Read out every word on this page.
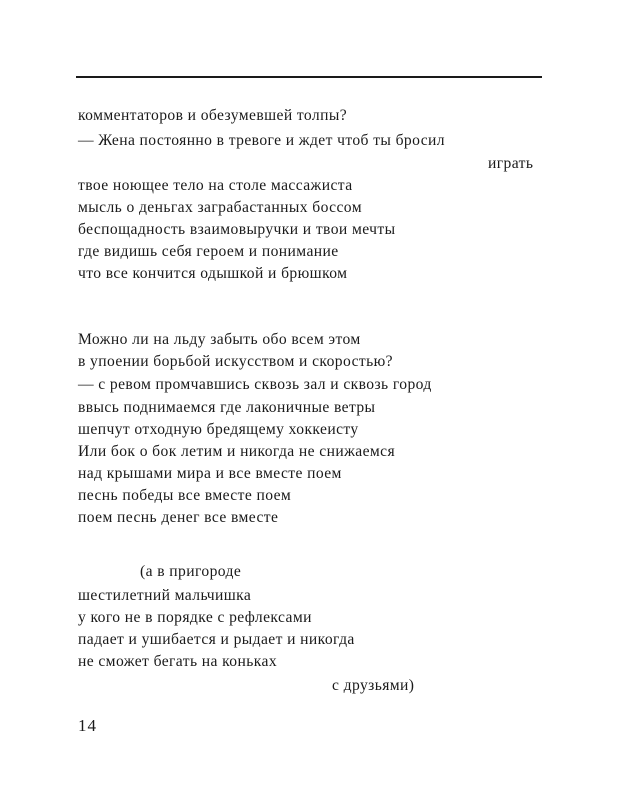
комментаторов и обезумевшей толпы?
— Жена постоянно в тревоге и ждет чтоб ты бросил
играть
твое ноющее тело на столе массажиста
мысль о деньгах заграбастанных боссом
беспощадность взаимовыручки и твои мечты
где видишь себя героем и понимание
что все кончится одышкой и брюшком
Можно ли на льду забыть обо всем этом
в упоении борьбой искусством и скоростью?
— с ревом промчавшись сквозь зал и сквозь город
ввысь поднимаемся где лаконичные ветры
шепчут отходную бредящему хоккеисту
Или бок о бок летим и никогда не снижаемся
над крышами мира и все вместе поем
песнь победы все вместе поем
поем песнь денег все вместе
(а в пригороде
шестилетний мальчишка
у кого не в порядке с рефлексами
падает и ушибается и рыдает и никогда
не сможет бегать на коньках
с друзьями)
14
